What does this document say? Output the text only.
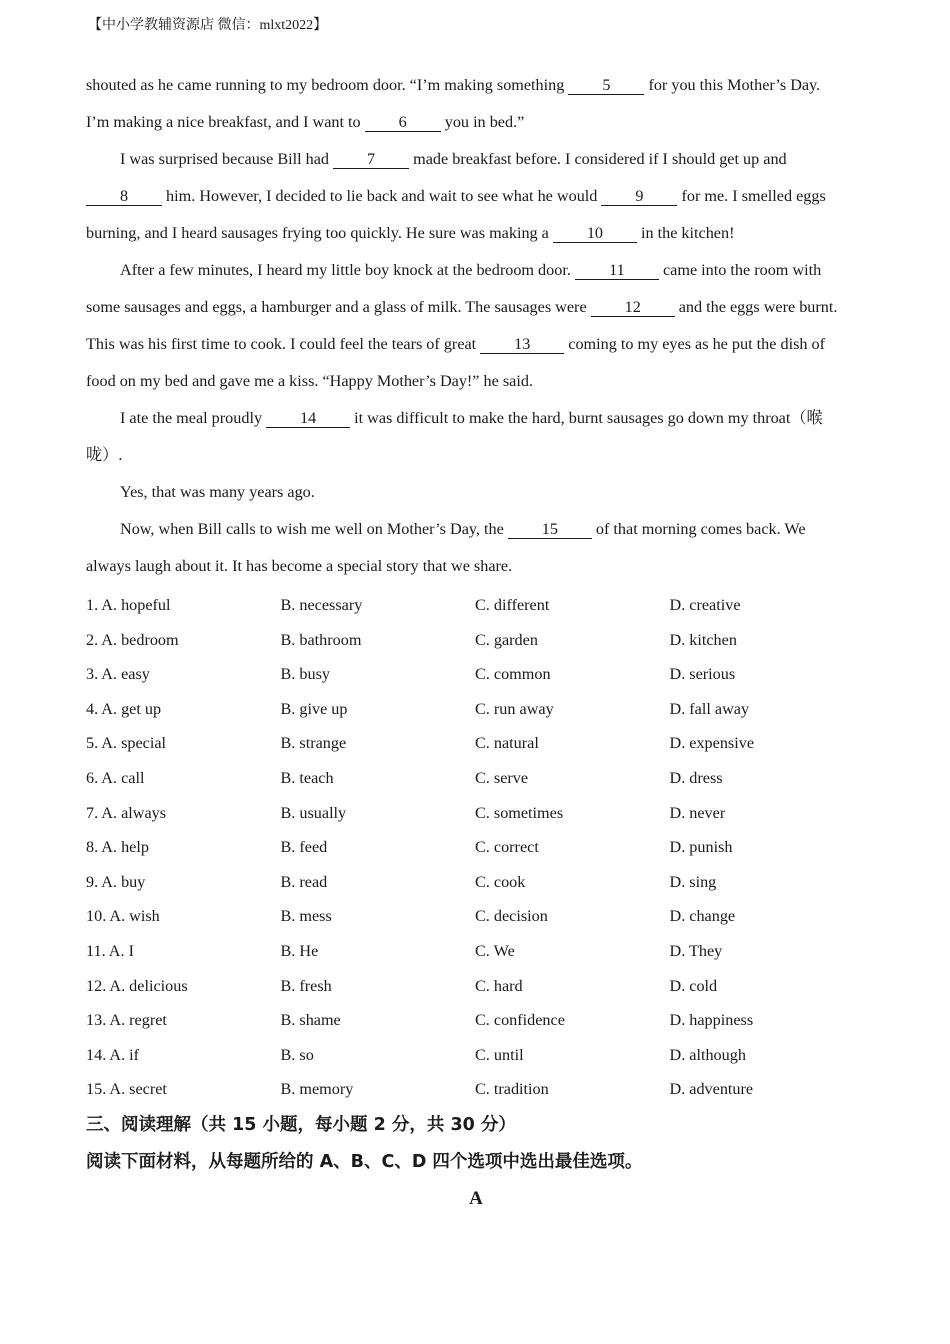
【中小学教辅资源店 微信：mlxt2022】
shouted as he came running to my bedroom door. “I’m making something 5 for you this Mother’s Day.
I’m making a nice breakfast, and I want to 6 you in bed.”
I was surprised because Bill had 7 made breakfast before. I considered if I should get up and
8 him. However, I decided to lie back and wait to see what he would 9 for me. I smelled eggs
burning, and I heard sausages frying too quickly. He sure was making a 10 in the kitchen!
After a few minutes, I heard my little boy knock at the bedroom door. 11 came into the room with
some sausages and eggs, a hamburger and a glass of milk. The sausages were 12 and the eggs were burnt.
This was his first time to cook. I could feel the tears of great 13 coming to my eyes as he put the dish of
food on my bed and gave me a kiss. “Happy Mother’s Day!” he said.
I ate the meal proudly 14 it was difficult to make the hard, burnt sausages go down my throat（喉
咙）.
Yes, that was many years ago.
Now, when Bill calls to wish me well on Mother’s Day, the 15 of that morning comes back. We
always laugh about it. It has become a special story that we share.
1. A. hopeful	B. necessary	C. different	D. creative
2. A. bedroom	B. bathroom	C. garden	D. kitchen
3. A. easy	B. busy	C. common	D. serious
4. A. get up	B. give up	C. run away	D. fall away
5. A. special	B. strange	C. natural	D. expensive
6. A. call	B. teach	C. serve	D. dress
7. A. always	B. usually	C. sometimes	D. never
8. A. help	B. feed	C. correct	D. punish
9. A. buy	B. read	C. cook	D. sing
10. A. wish	B. mess	C. decision	D. change
11. A. I	B. He	C. We	D. They
12. A. delicious	B. fresh	C. hard	D. cold
13. A. regret	B. shame	C. confidence	D. happiness
14. A. if	B. so	C. until	D. although
15. A. secret	B. memory	C. tradition	D. adventure
三、阅读理解（共 15 小题，每小题 2 分，共 30 分）
阅读下面材料，从每题所给的 A、B、C、D 四个选项中选出最佳选项。
A
